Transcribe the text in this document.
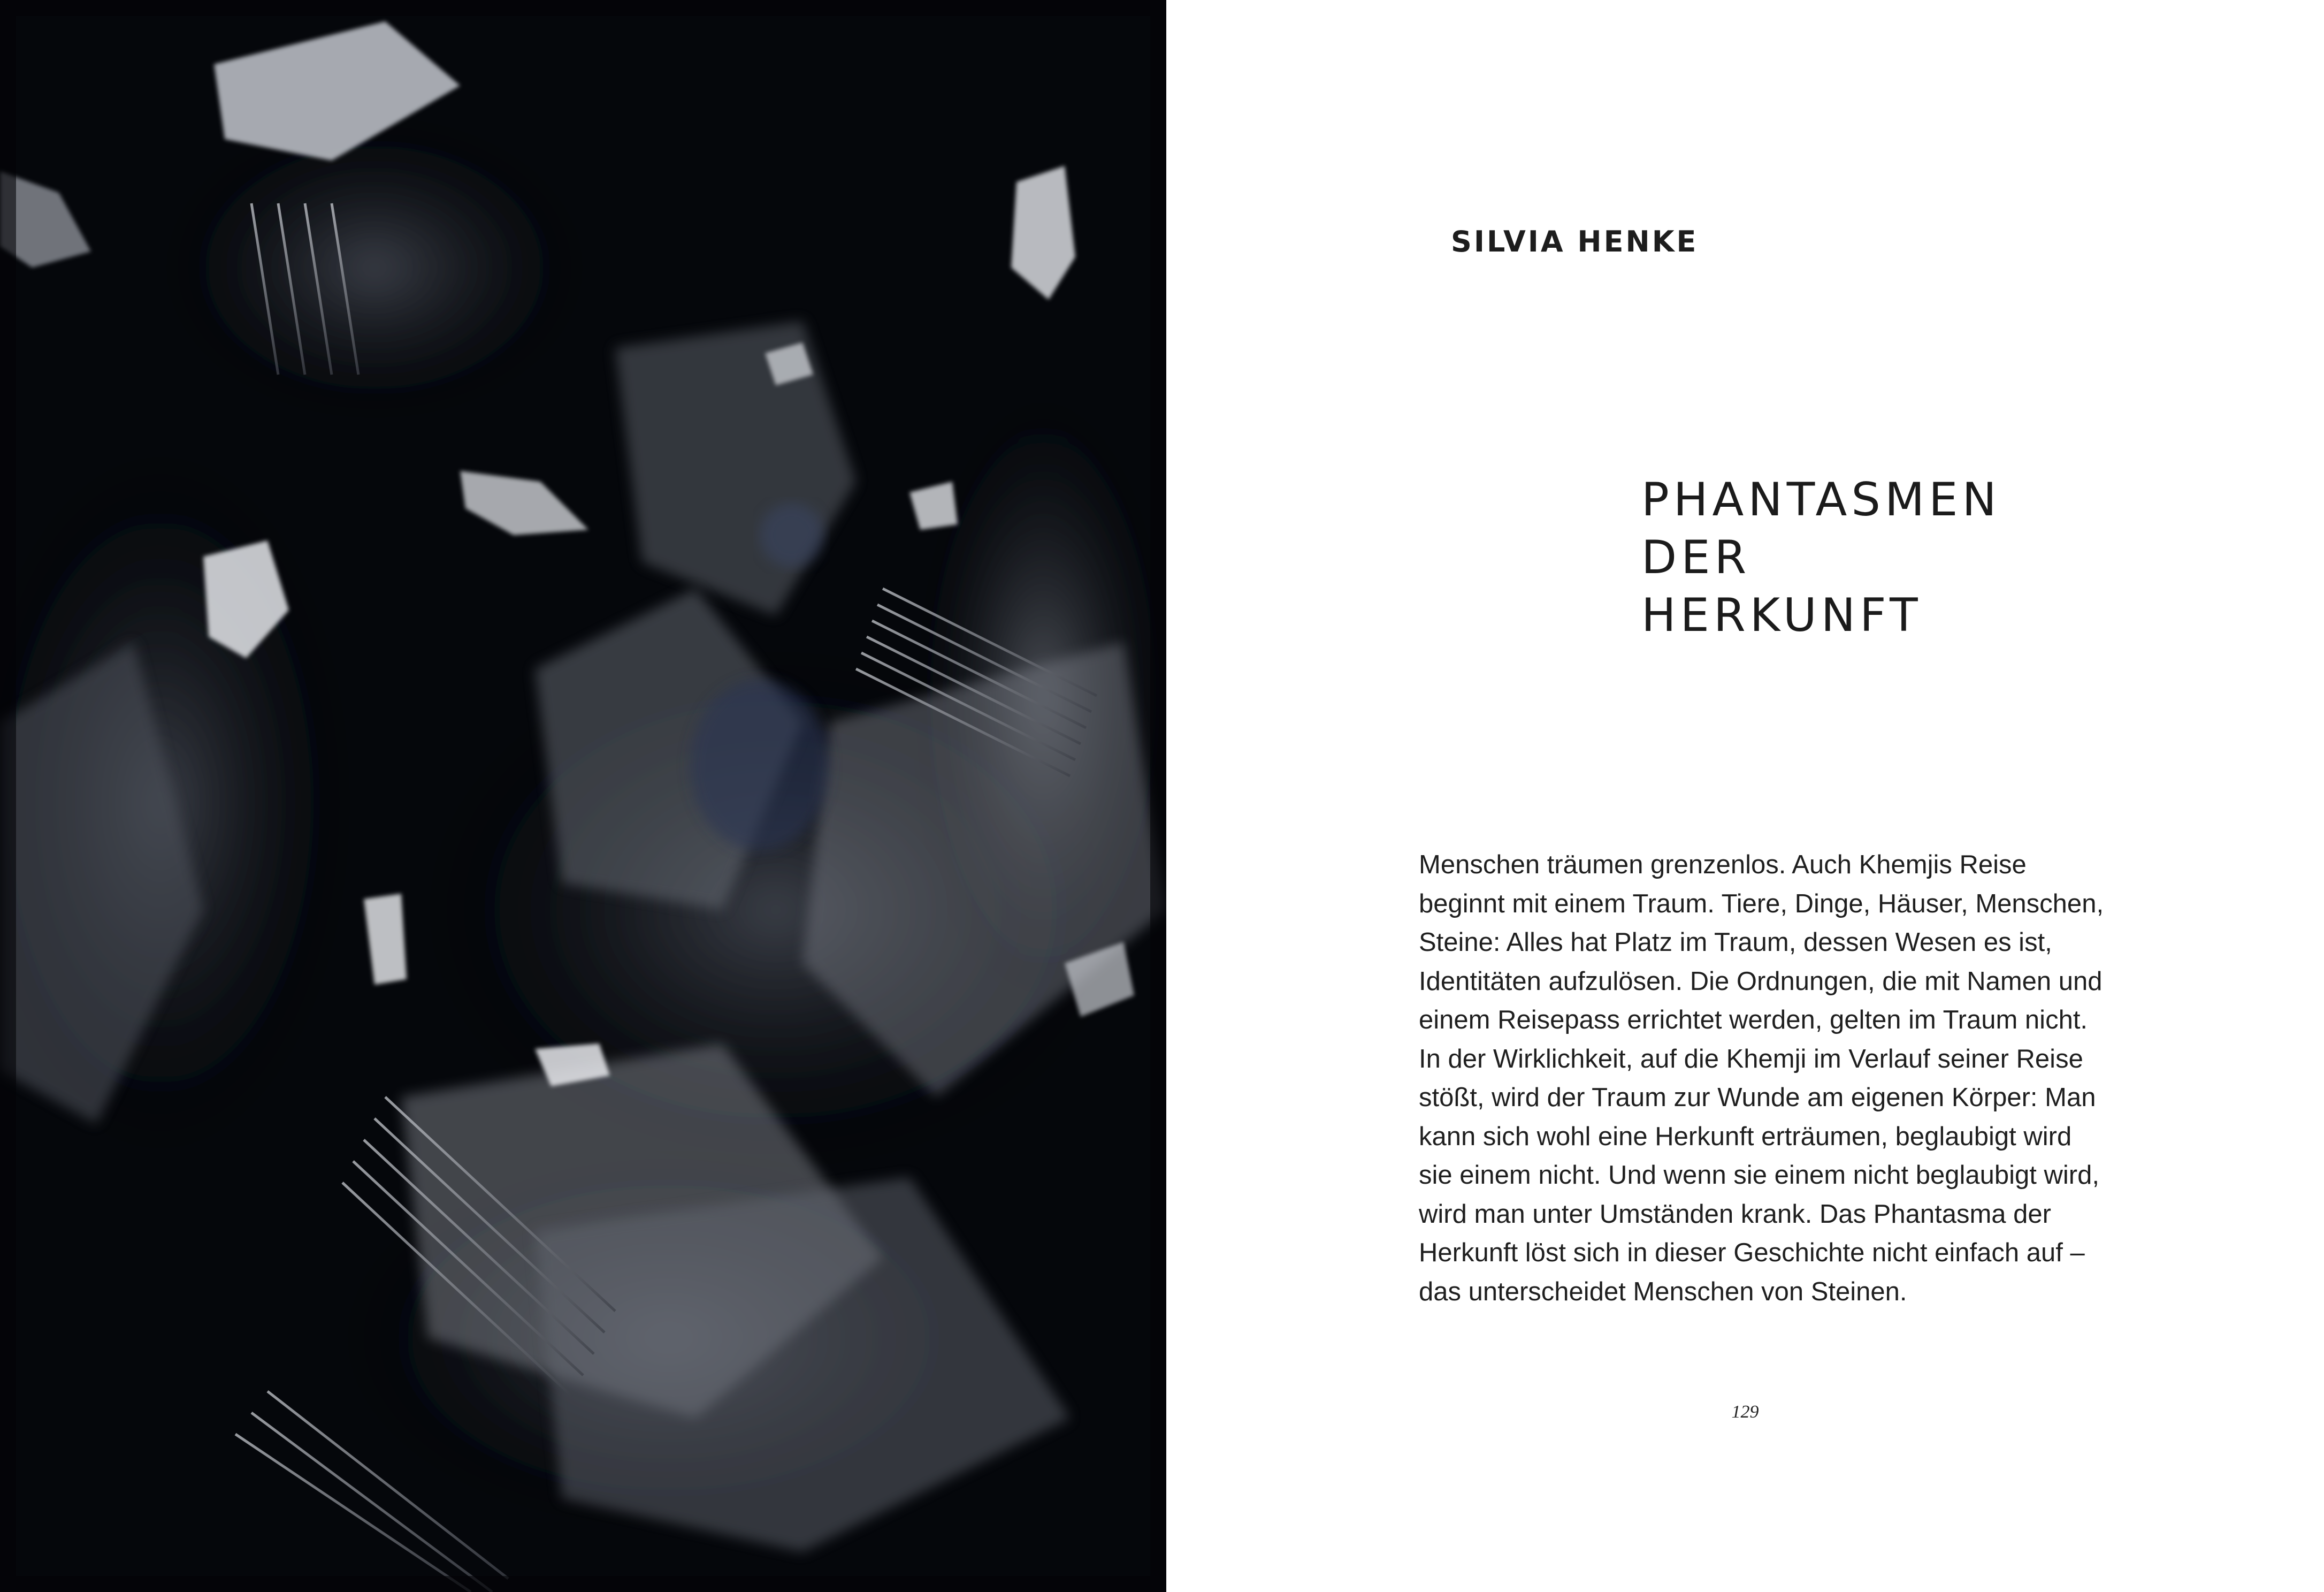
SILVIA HENKE
PHANTASMEN
DER
HERKUNFT

Menschen träumen grenzenlos. Auch Khemjis Reise
beginnt mit einem Traum. Tiere, Dinge, Häuser, Menschen,
Steine: Alles hat Platz im Traum, dessen Wesen es ist,
Identitäten aufzulösen. Die Ordnungen, die mit Namen und
einem Reisepass errichtet werden, gelten im Traum nicht.
In der Wirklichkeit, auf die Khemji im Verlauf seiner Reise
stößt, wird der Traum zur Wunde am eigenen Körper: Man
kann sich wohl eine Herkunft erträumen, beglaubigt wird
sie einem nicht. Und wenn sie einem nicht beglaubigt wird,
wird man unter Umständen krank. Das Phantasma der
Herkunft löst sich in dieser Geschichte nicht einfach auf –
das unterscheidet Menschen von Steinen.

129
